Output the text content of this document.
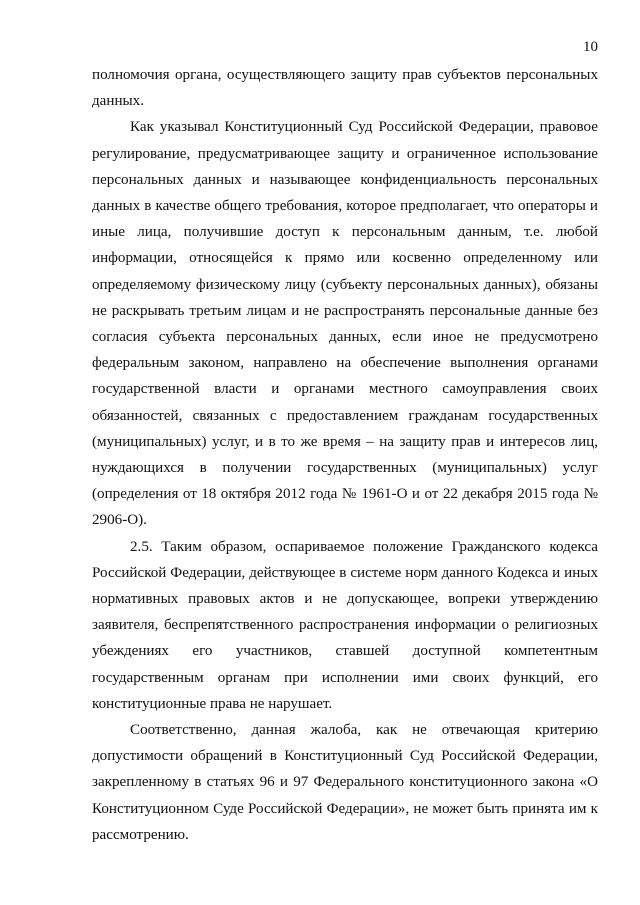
10

полномочия органа, осуществляющего защиту прав субъектов персональных данных.

Как указывал Конституционный Суд Российской Федерации, правовое регулирование, предусматривающее защиту и ограниченное использование персональных данных и называющее конфиденциальность персональных данных в качестве общего требования, которое предполагает, что операторы и иные лица, получившие доступ к персональным данным, т.е. любой информации, относящейся к прямо или косвенно определенному или определяемому физическому лицу (субъекту персональных данных), обязаны не раскрывать третьим лицам и не распространять персональные данные без согласия субъекта персональных данных, если иное не предусмотрено федеральным законом, направлено на обеспечение выполнения органами государственной власти и органами местного самоуправления своих обязанностей, связанных с предоставлением гражданам государственных (муниципальных) услуг, и в то же время – на защиту прав и интересов лиц, нуждающихся в получении государственных (муниципальных) услуг (определения от 18 октября 2012 года № 1961-О и от 22 декабря 2015 года № 2906-О).

2.5. Таким образом, оспариваемое положение Гражданского кодекса Российской Федерации, действующее в системе норм данного Кодекса и иных нормативных правовых актов и не допускающее, вопреки утверждению заявителя, беспрепятственного распространения информации о религиозных убеждениях его участников, ставшей доступной компетентным государственным органам при исполнении ими своих функций, его конституционные права не нарушает.

Соответственно, данная жалоба, как не отвечающая критерию допустимости обращений в Конституционный Суд Российской Федерации, закрепленному в статьях 96 и 97 Федерального конституционного закона «О Конституционном Суде Российской Федерации», не может быть принята им к рассмотрению.
